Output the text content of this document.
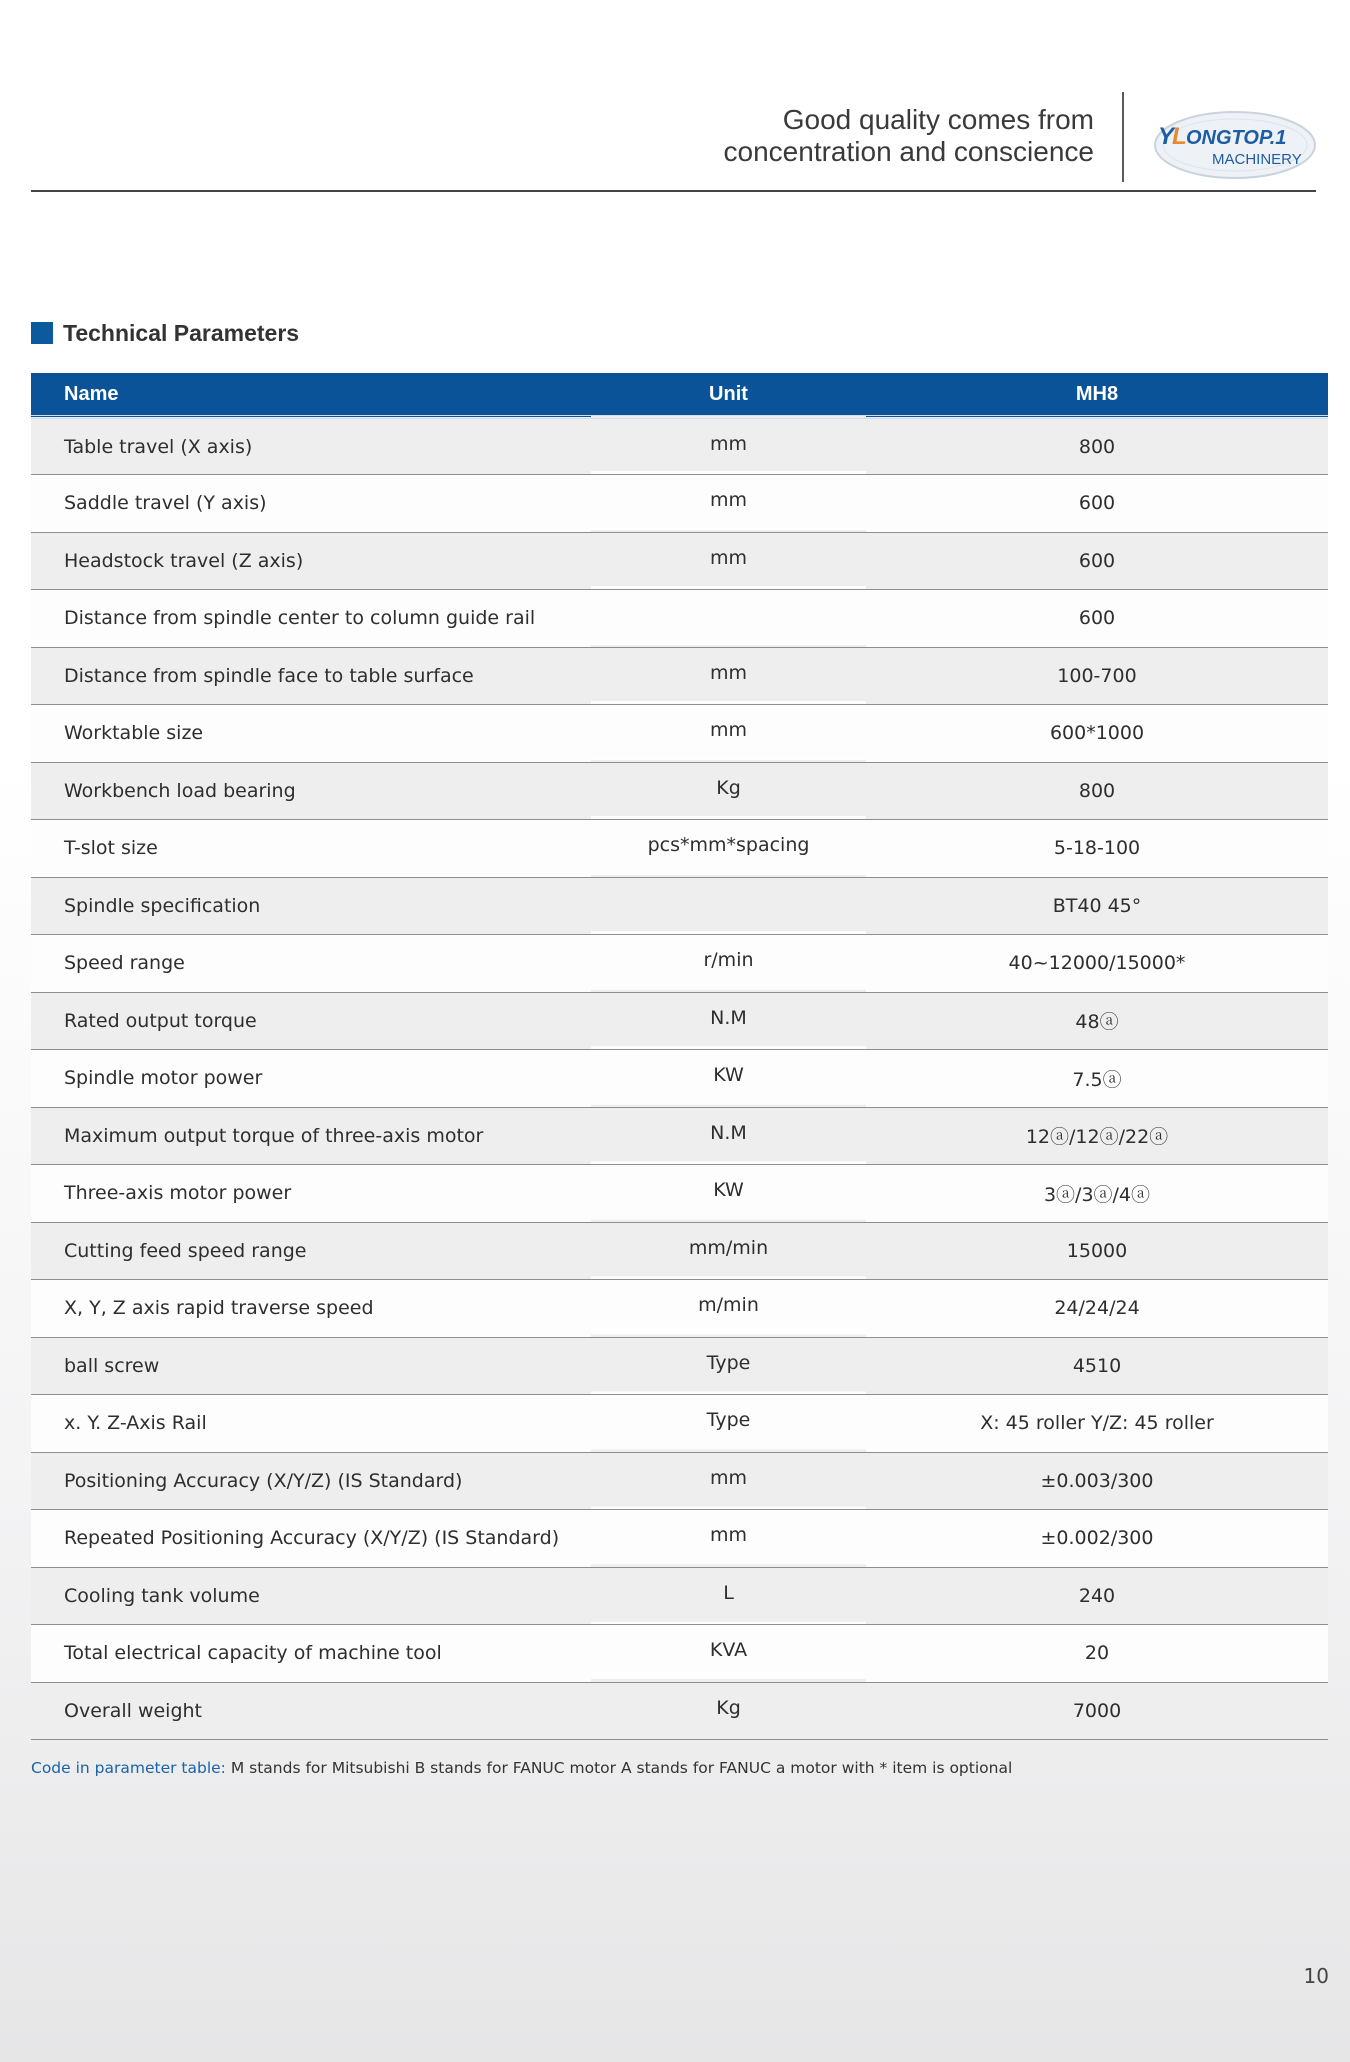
Good quality comes from
concentration and conscience	Y
L ONGTOP.1
MACHINERY
Technical Parameters
Name	Unit	MH8
Table travel (X axis)	mm	800
Saddle travel (Y axis)	mm	600
Headstock travel (Z axis)	mm	600
Distance from spindle center to column guide rail		600
Distance from spindle face to table surface	mm	100-700
Worktable size	mm	600*1000
Workbench load bearing	Kg	800
T-slot size	pcs*mm*spacing	5-18-100
Spindle specification		BT40 45°
Speed range	r/min	40~12000/15000*
Rated output torque	N.M	48ⓐ
Spindle motor power	KW	7.5ⓐ
Maximum output torque of three-axis motor	N.M	12ⓐ/12ⓐ/22ⓐ
Three-axis motor power	KW	3ⓐ/3ⓐ/4ⓐ
Cutting feed speed range	mm/min	15000
X, Y, Z axis rapid traverse speed	m/min	24/24/24
ball screw	Type	4510
x. Y. Z-Axis Rail	Type	X: 45 roller Y/Z: 45 roller
Positioning Accuracy (X/Y/Z) (IS Standard)	mm	±0.003/300
Repeated Positioning Accuracy (X/Y/Z) (IS Standard)	mm	±0.002/300
Cooling tank volume	L	240
Total electrical capacity of machine tool	KVA	20
Overall weight	Kg	7000
Code in parameter table: M stands for Mitsubishi B stands for FANUC motor A stands for FANUC a motor with * item is optional
10
